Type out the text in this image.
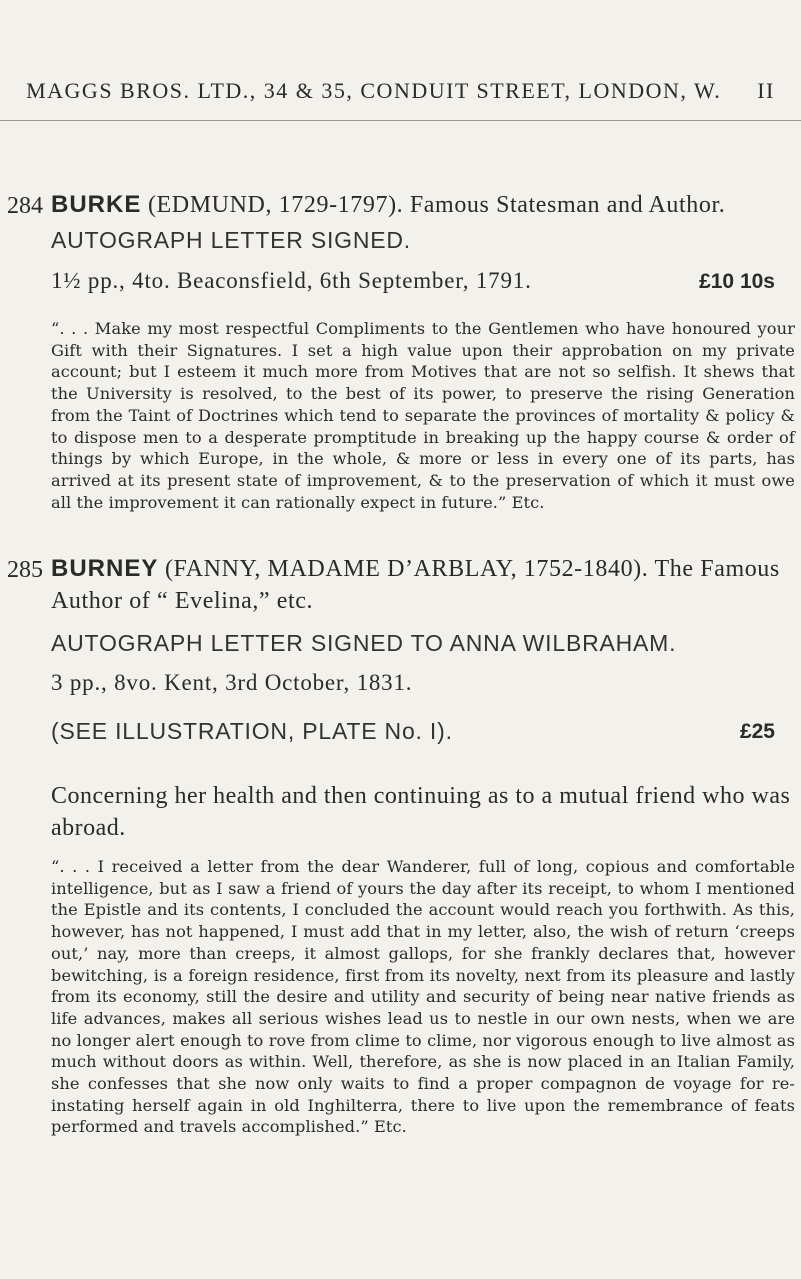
MAGGS BROS. LTD., 34 & 35, CONDUIT STREET, LONDON, W. II
284 BURKE (EDMUND, 1729-1797). Famous Statesman and Author.
AUTOGRAPH LETTER SIGNED.
1½ pp., 4to. Beaconsfield, 6th September, 1791.	£10 10s
“. . . Make my most respectful Compliments to the Gentlemen who have honoured your Gift with their Signatures. I set a high value upon their approbation on my private account; but I esteem it much more from Motives that are not so selfish. It shews that the University is resolved, to the best of its power, to preserve the rising Generation from the Taint of Doctrines which tend to separate the provinces of mortality & policy & to dispose men to a desperate promptitude in breaking up the happy course & order of things by which Europe, in the whole, & more or less in every one of its parts, has arrived at its present state of improvement, & to the preservation of which it must owe all the improvement it can rationally expect in future.” Etc.
285 BURNEY (FANNY, MADAME D’ARBLAY, 1752-1840). The Famous Author of “ Evelina,” etc.
AUTOGRAPH LETTER SIGNED TO ANNA WILBRAHAM.
3 pp., 8vo. Kent, 3rd October, 1831.
(SEE ILLUSTRATION, PLATE No. I).	£25
Concerning her health and then continuing as to a mutual friend who was abroad.
“. . . I received a letter from the dear Wanderer, full of long, copious and comfortable intelligence, but as I saw a friend of yours the day after its receipt, to whom I mentioned the Epistle and its contents, I concluded the account would reach you forthwith. As this, however, has not happened, I must add that in my letter, also, the wish of return ‘creeps out,’ nay, more than creeps, it almost gallops, for she frankly declares that, however bewitching, is a foreign residence, first from its novelty, next from its pleasure and lastly from its economy, still the desire and utility and security of being near native friends as life advances, makes all serious wishes lead us to nestle in our own nests, when we are no longer alert enough to rove from clime to clime, nor vigorous enough to live almost as much without doors as within. Well, therefore, as she is now placed in an Italian Family, she confesses that she now only waits to find a proper compagnon de voyage for re-instating herself again in old Inghilterra, there to live upon the remembrance of feats performed and travels accomplished.” Etc.
